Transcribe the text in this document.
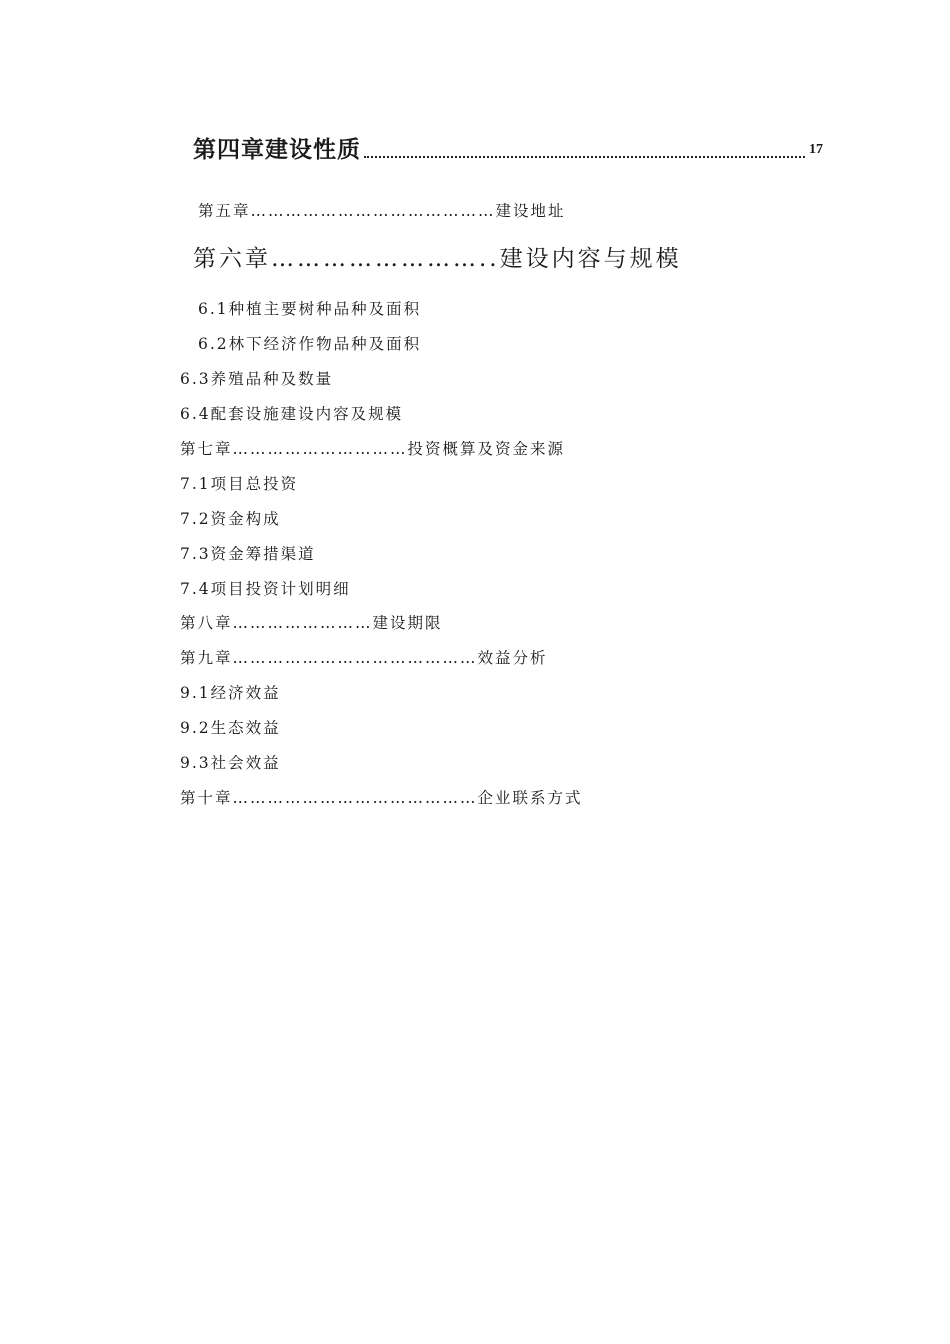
第四章建设性质	17
第五章……………………………………建设地址
第六章……………………..建设内容与规模
6.1种植主要树种品种及面积
6.2林下经济作物品种及面积
6.3养殖品种及数量
6.4配套设施建设内容及规模
第七章…………………………投资概算及资金来源
7.1项目总投资
7.2资金构成
7.3资金筹措渠道
7.4项目投资计划明细
第八章……………………建设期限
第九章……………………………………效益分析
9.1经济效益
9.2生态效益
9.3社会效益
第十章……………………………………企业联系方式
